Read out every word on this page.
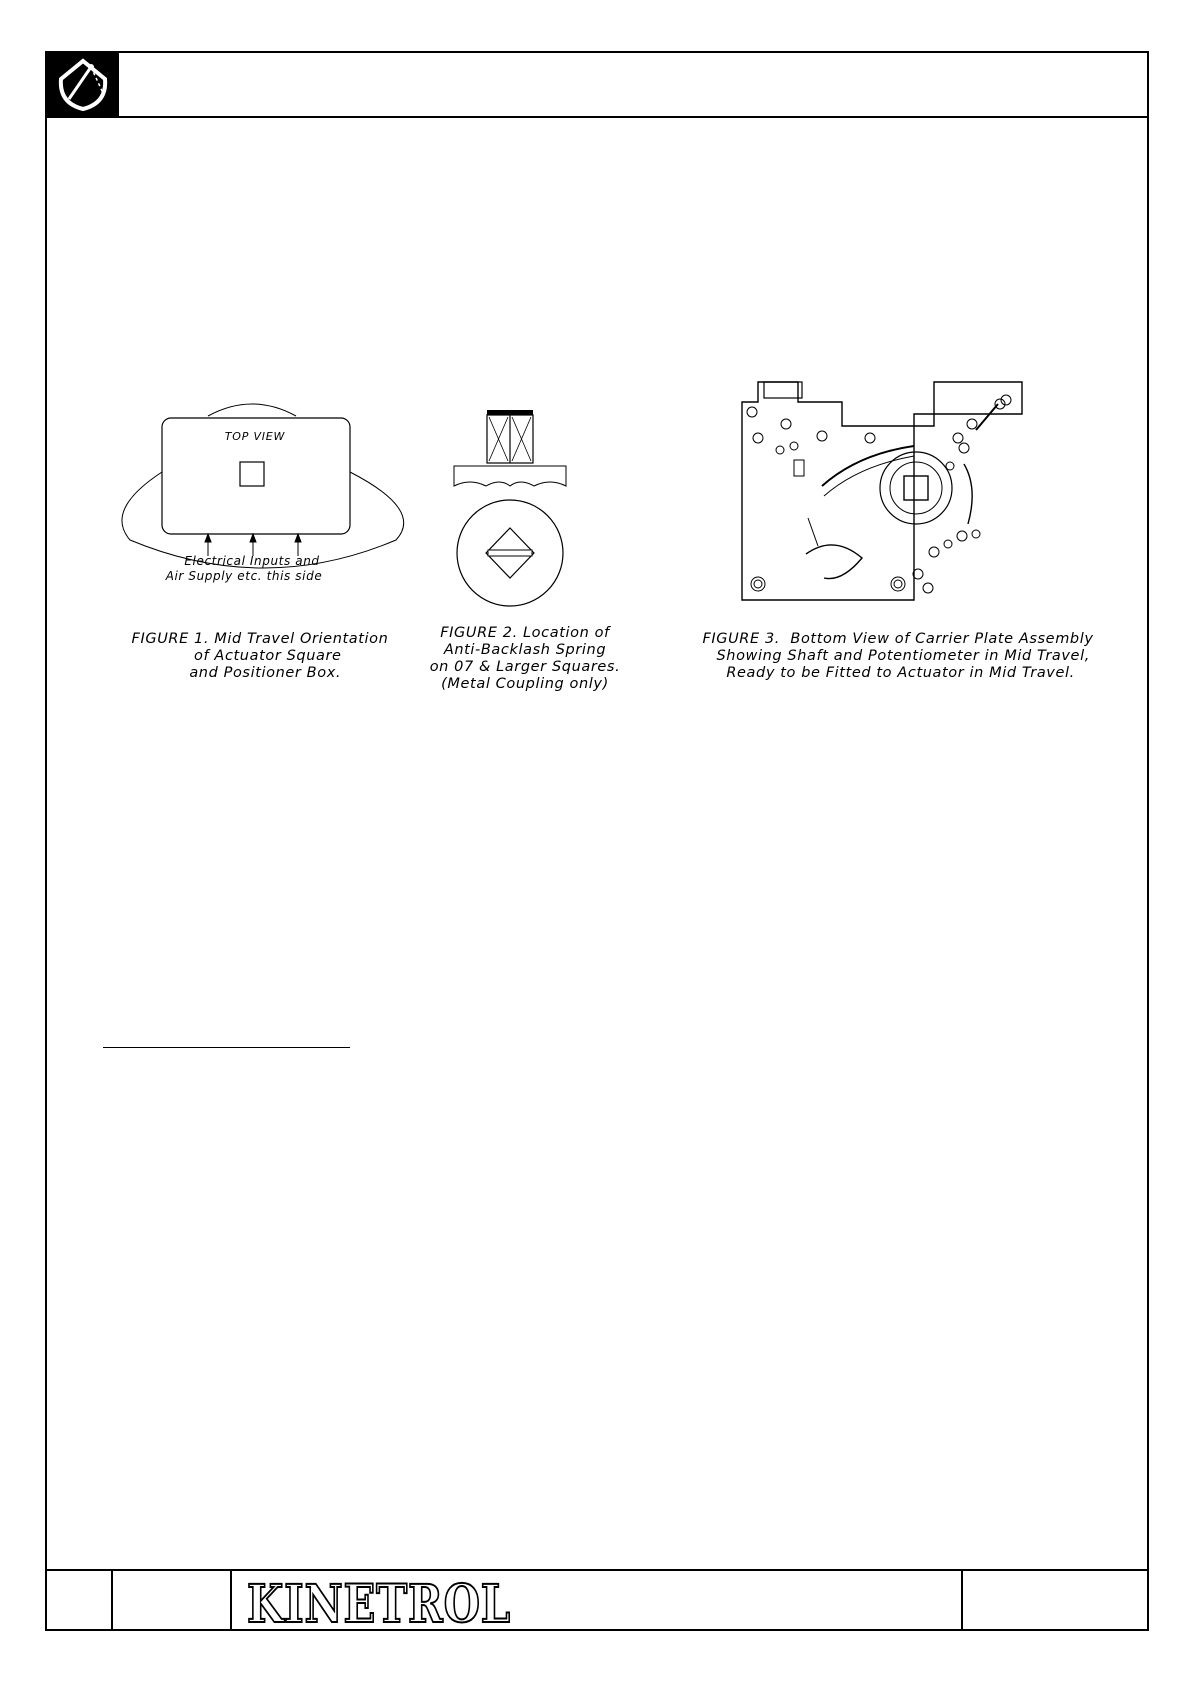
TOP VIEW
Electrical Inputs and
Air Supply etc. this side
FIGURE 1. Mid Travel Orientation
of Actuator Square
and Positioner Box.
FIGURE 2. Location of
Anti-Backlash Spring
on 07 & Larger Squares.
(Metal Coupling only)
FIGURE 3.  Bottom View of Carrier Plate Assembly
Showing Shaft and Potentiometer in Mid Travel,
Ready to be Fitted to Actuator in Mid Travel.
KINETROL
